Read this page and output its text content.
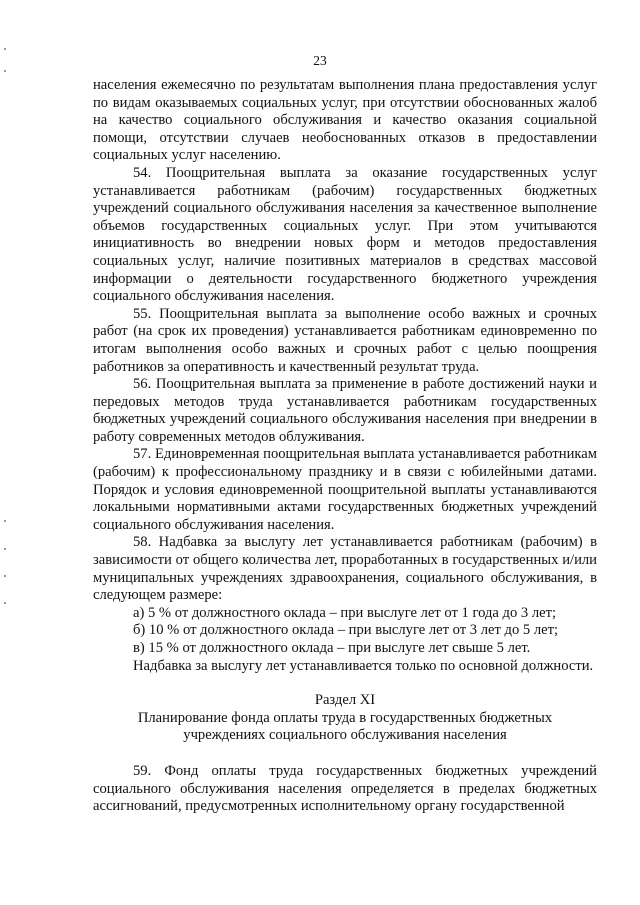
23

населения ежемесячно по результатам выполнения плана предоставления услуг по видам оказываемых социальных услуг, при отсутствии обоснованных жалоб на качество социального обслуживания и качество оказания социальной помощи, отсутствии случаев необоснованных отказов в предоставлении социальных услуг населению.

54. Поощрительная выплата за оказание государственных услуг устанавливается работникам (рабочим) государственных бюджетных учреждений социального обслуживания населения за качественное выполнение объемов государственных социальных услуг. При этом учитываются инициативность во внедрении новых форм и методов предоставления социальных услуг, наличие позитивных материалов в средствах массовой информации о деятельности государственного бюджетного учреждения социального обслуживания населения.

55. Поощрительная выплата за выполнение особо важных и срочных работ (на срок их проведения) устанавливается работникам единовременно по итогам выполнения особо важных и срочных работ с целью поощрения работников за оперативность и качественный результат труда.

56. Поощрительная выплата за применение в работе достижений науки и передовых методов труда устанавливается работникам государственных бюджетных учреждений социального обслуживания населения при внедрении в работу современных методов облуживания.

57. Единовременная поощрительная выплата устанавливается работникам (рабочим) к профессиональному празднику и в связи с юбилейными датами. Порядок и условия единовременной поощрительной выплаты устанавливаются локальными нормативными актами государственных бюджетных учреждений социального обслуживания населения.

58. Надбавка за выслугу лет устанавливается работникам (рабочим) в зависимости от общего количества лет, проработанных в государственных и/или муниципальных учреждениях здравоохранения, социального обслуживания, в следующем размере:

а) 5 % от должностного оклада – при выслуге лет от 1 года до 3 лет;

б) 10 % от должностного оклада – при выслуге лет от 3 лет до 5 лет;

в) 15 % от должностного оклада – при выслуге лет свыше 5 лет.

Надбавка за выслугу лет устанавливается только по основной должности.

Раздел XI

Планирование фонда оплаты труда в государственных бюджетных

учреждениях социального обслуживания населения

59. Фонд оплаты труда государственных бюджетных учреждений социального обслуживания населения определяется в пределах бюджетных ассигнований, предусмотренных исполнительному органу государственной
